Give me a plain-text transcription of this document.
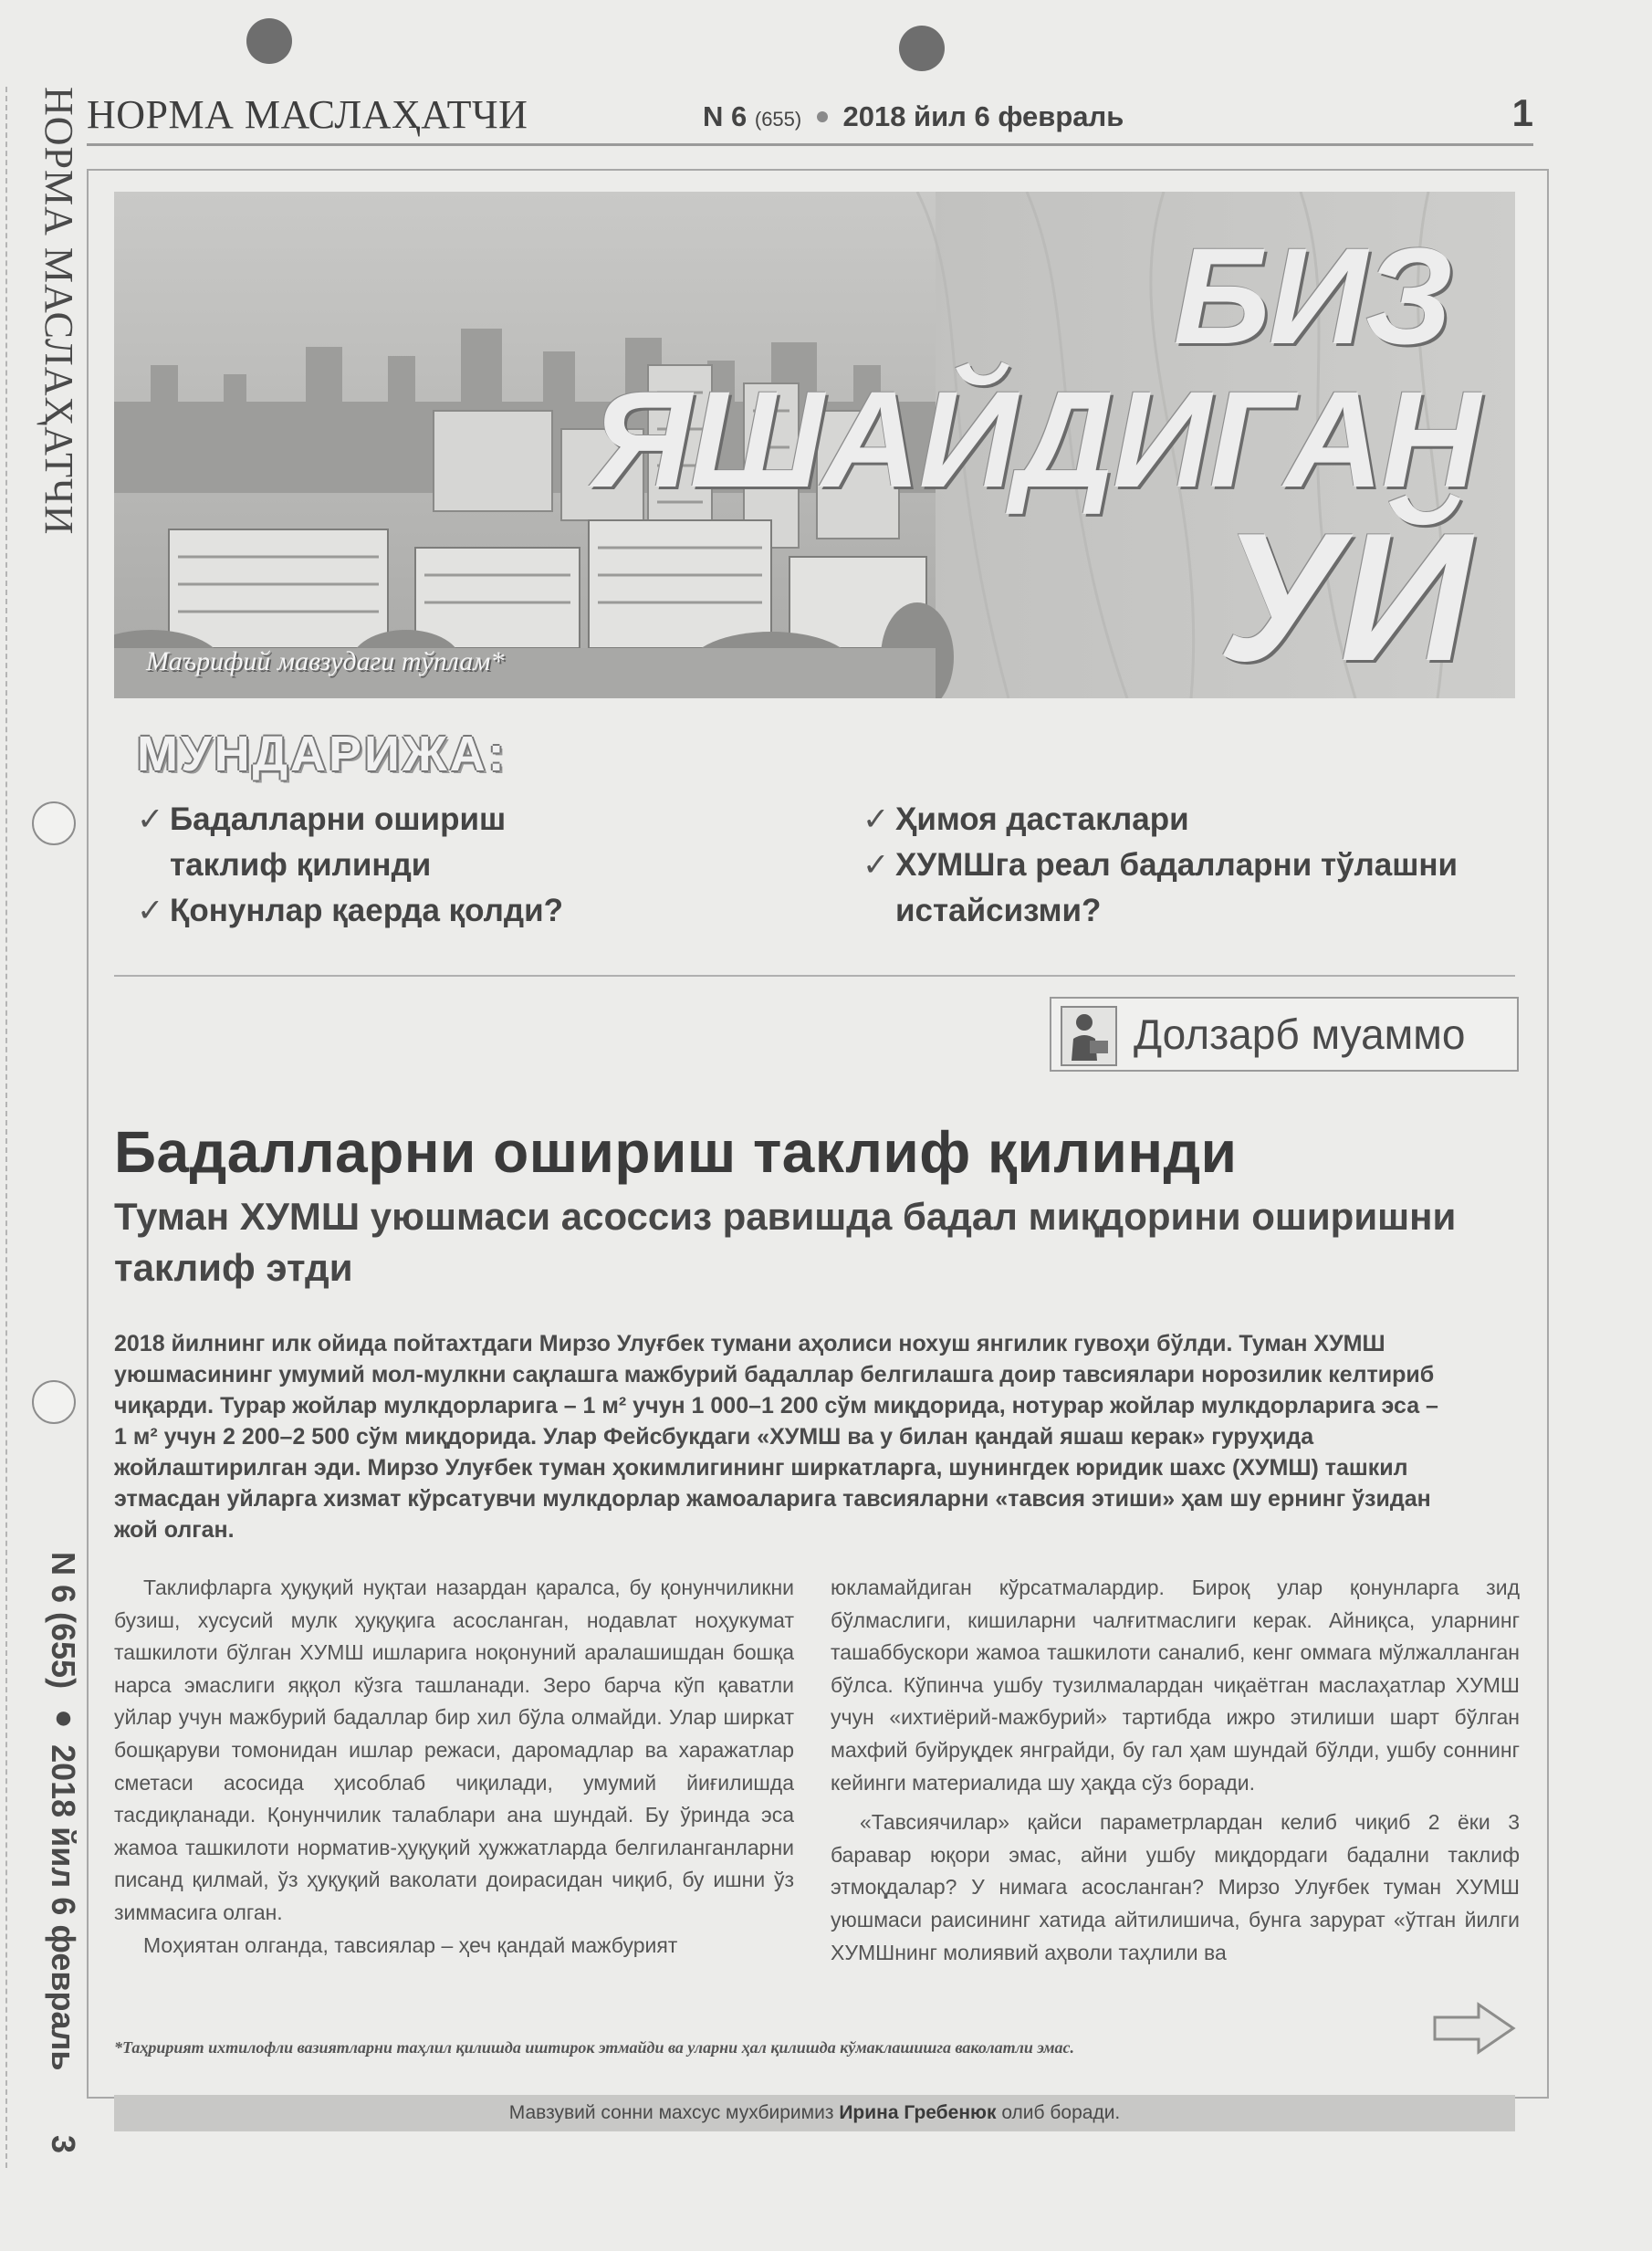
НОРМА МАСЛАҲАТЧИ
N 6 (655) ● 2018 йил 6 февраль 3
НОРМА МАСЛАҲАТЧИ	N 6 (655) 2018 йил 6 февраль	1
БИЗ
ЯШАЙДИГАН
УЙ
Маърифий мавзудаги тўплам*
МУНДАРИЖА:
✓ Бадалларни ошириш
таклиф қилинди
✓ Қонунлар қаерда қолди?
✓ Ҳимоя дастаклари
✓ ХУМШга реал бадалларни тўлашни
истайсизми?
Долзарб муаммо
Бадалларни ошириш таклиф қилинди
Туман ХУМШ уюшмаси асоссиз равишда бадал миқдорини оширишни таклиф этди
2018 йилнинг илк ойида пойтахтдаги Мирзо Улуғбек тумани аҳолиси нохуш янгилик гувоҳи бўлди. Туман ХУМШ уюшмасининг умумий мол-мулкни сақлашга мажбурий бадаллар белгилашга доир тавсиялари норозилик келтириб чиқарди. Турар жойлар мулкдорларига – 1 м² учун 1 000–1 200 сўм миқдорида, нотурар жойлар мулкдорларига эса – 1 м² учун 2 200–2 500 сўм миқдорида. Улар Фейсбукдаги «ХУМШ ва у билан қандай яшаш керак» гуруҳида жойлаштирилган эди. Мирзо Улуғбек туман ҳокимлигининг ширкатларга, шунингдек юридик шахс (ХУМШ) ташкил этмасдан уйларга хизмат кўрсатувчи мулкдорлар жамоаларига тавсияларни «тавсия этиши» ҳам шу ернинг ўзидан жой олган.

Таклифларга ҳуқуқий нуқтаи назардан қаралса, бу қонунчиликни бузиш, хусусий мулк ҳуқуқига асосланган, нодавлат ноҳукумат ташкилоти бўлган ХУМШ ишларига ноқонуний аралашишдан бошқа нарса эмаслиги яққол кўзга ташланади. Зеро барча кўп қаватли уйлар учун мажбурий бадаллар бир хил бўла олмайди. Улар ширкат бошқаруви томонидан ишлар режаси, даромадлар ва харажатлар сметаси асосида ҳисоблаб чиқилади, умумий йиғилишда тасдиқланади. Қонунчилик талаблари ана шундай. Бу ўринда эса жамоа ташкилоти норматив-ҳуқуқий ҳужжатларда белгиланганларни писанд қилмай, ўз ҳуқуқий ваколати доирасидан чиқиб, бу ишни ўз зиммасига олган.

Моҳиятан олганда, тавсиялар – ҳеч қандай мажбурият

юкламайдиган кўрсатмалардир. Бироқ улар қонунларга зид бўлмаслиги, кишиларни чалғитмаслиги керак. Айниқса, уларнинг ташаббускори жамоа ташкилоти саналиб, кенг оммага мўлжалланган бўлса. Кўпинча ушбу тузилмалардан чиқаётган маслаҳатлар ХУМШ учун «ихтиёрий-мажбурий» тартибда ижро этилиши шарт бўлган махфий буйруқдек янграйди, бу гал ҳам шундай бўлди, ушбу соннинг кейинги материалида шу ҳақда сўз боради.

«Тавсиячилар» қайси параметрлардан келиб чиқиб 2 ёки 3 баравар юқори эмас, айни ушбу миқдордаги бадални таклиф этмоқдалар? У нимага асосланган? Мирзо Улуғбек туман ХУМШ уюшмаси раисининг хатида айтилишича, бунга зарурат «ўтган йилги ХУМШнинг молиявий аҳволи таҳлили ва

*Таҳририят ихтилофли вазиятларни таҳлил қилишда иштирок этмайди ва уларни ҳал қилишда кўмаклашишга ваколатли эмас.
Мавзувий сонни махсус мухбиримиз Ирина Гребенюк олиб боради.
